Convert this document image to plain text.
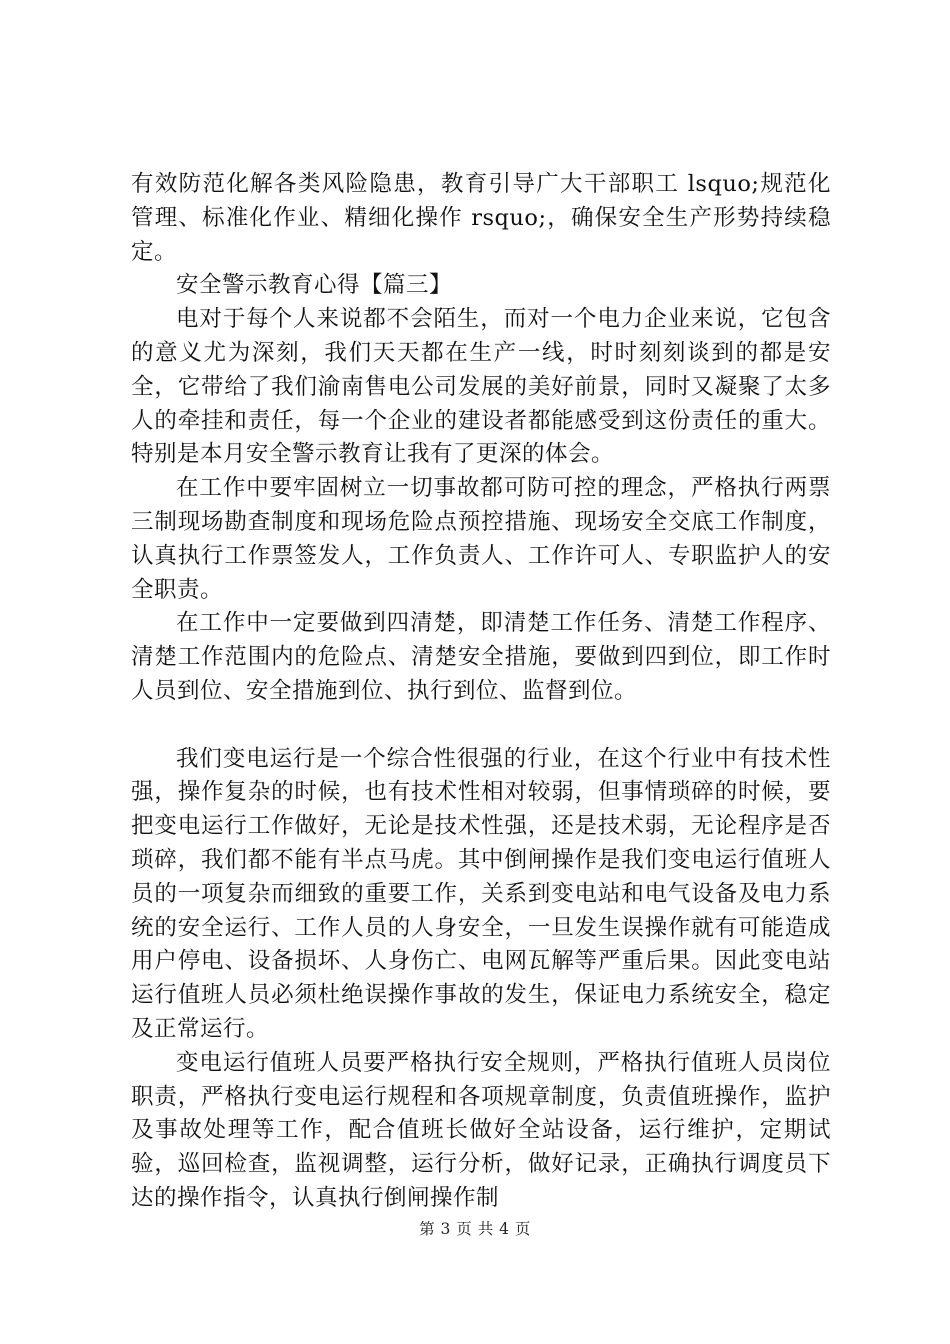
有效防范化解各类风险隐患，教育引导广大干部职工 lsquo;规范化管理、标准化作业、精细化操作 rsquo;，确保安全生产形势持续稳定。

安全警示教育心得【篇三】

电对于每个人来说都不会陌生，而对一个电力企业来说，它包含的意义尤为深刻，我们天天都在生产一线，时时刻刻谈到的都是安全，它带给了我们渝南售电公司发展的美好前景，同时又凝聚了太多人的牵挂和责任，每一个企业的建设者都能感受到这份责任的重大。特别是本月安全警示教育让我有了更深的体会。

在工作中要牢固树立一切事故都可防可控的理念，严格执行两票三制现场勘查制度和现场危险点预控措施、现场安全交底工作制度，认真执行工作票签发人，工作负责人、工作许可人、专职监护人的安全职责。

在工作中一定要做到四清楚，即清楚工作任务、清楚工作程序、清楚工作范围内的危险点、清楚安全措施，要做到四到位，即工作时人员到位、安全措施到位、执行到位、监督到位。

我们变电运行是一个综合性很强的行业，在这个行业中有技术性强，操作复杂的时候，也有技术性相对较弱，但事情琐碎的时候，要把变电运行工作做好，无论是技术性强，还是技术弱，无论程序是否琐碎，我们都不能有半点马虎。其中倒闸操作是我们变电运行值班人员的一项复杂而细致的重要工作，关系到变电站和电气设备及电力系统的安全运行、工作人员的人身安全，一旦发生误操作就有可能造成用户停电、设备损坏、人身伤亡、电网瓦解等严重后果。因此变电站运行值班人员必须杜绝误操作事故的发生，保证电力系统安全，稳定及正常运行。

变电运行值班人员要严格执行安全规则，严格执行值班人员岗位职责，严格执行变电运行规程和各项规章制度，负责值班操作，监护及事故处理等工作，配合值班长做好全站设备，运行维护，定期试验，巡回检查，监视调整，运行分析，做好记录，正确执行调度员下达的操作指令，认真执行倒闸操作制

第 3 页 共 4 页
